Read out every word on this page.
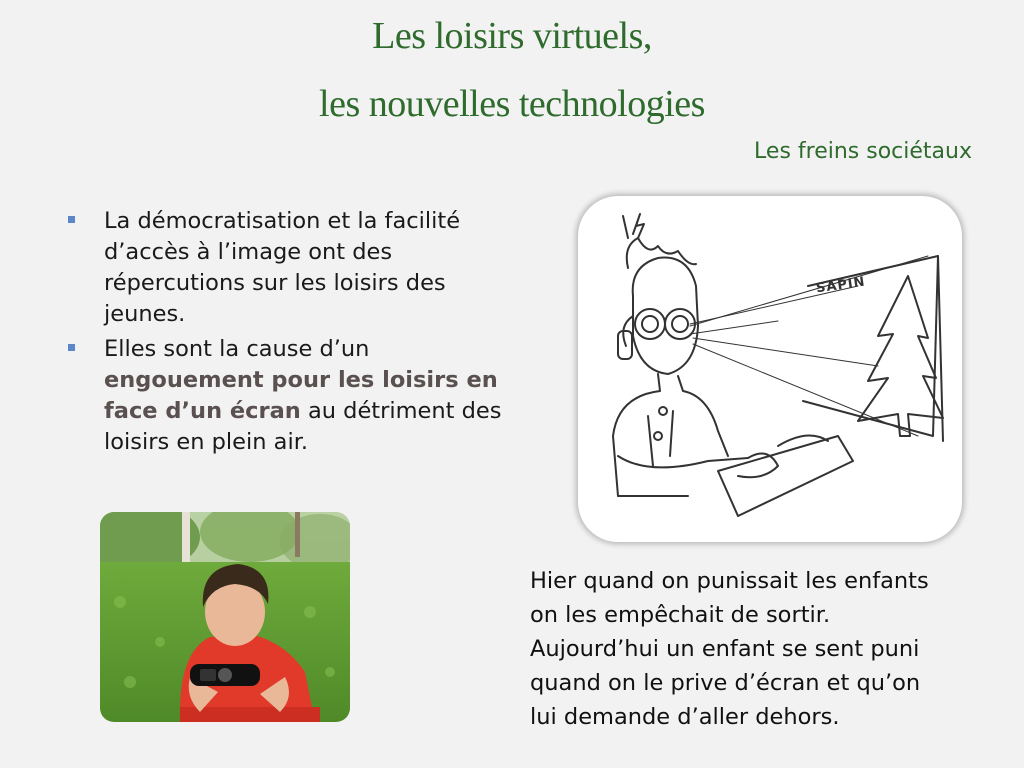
Les loisirs virtuels,
les nouvelles technologies
Les freins sociétaux
La démocratisation et la facilité d’accès à l’image ont des répercutions sur les loisirs des jeunes.
Elles sont la cause d’un engouement pour les loisirs en face d’un écran au détriment des loisirs en plein air.
SAPIN
Hier quand on punissait les enfants
on les empêchait de sortir.
Aujourd’hui un enfant se sent puni
quand on le prive d’écran et qu’on
lui demande d’aller dehors.
